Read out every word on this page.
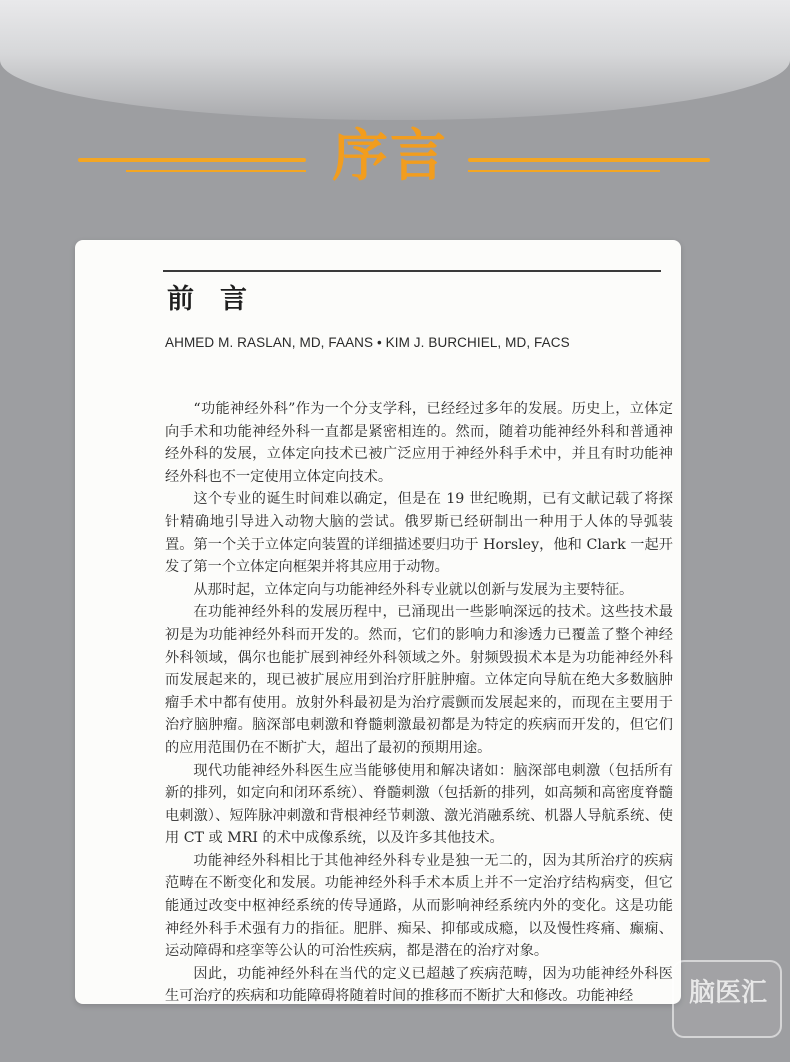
序言
前言
AHMED M. RASLAN, MD, FAANS • KIM J. BURCHIEL, MD, FACS

“功能神经外科”作为一个分支学科，已经经过多年的发展。历史上，立体定向手术和功能神经外科一直都是紧密相连的。然而，随着功能神经外科和普通神经外科的发展，立体定向技术已被广泛应用于神经外科手术中，并且有时功能神经外科也不一定使用立体定向技术。

这个专业的诞生时间难以确定，但是在 19 世纪晚期，已有文献记载了将探针精确地引导进入动物大脑的尝试。俄罗斯已经研制出一种用于人体的导弧装置。第一个关于立体定向装置的详细描述要归功于 Horsley，他和 Clark 一起开发了第一个立体定向框架并将其应用于动物。

从那时起，立体定向与功能神经外科专业就以创新与发展为主要特征。

在功能神经外科的发展历程中，已涌现出一些影响深远的技术。这些技术最初是为功能神经外科而开发的。然而，它们的影响力和渗透力已覆盖了整个神经外科领域，偶尔也能扩展到神经外科领域之外。射频毁损术本是为功能神经外科而发展起来的，现已被扩展应用到治疗肝脏肿瘤。立体定向导航在绝大多数脑肿瘤手术中都有使用。放射外科最初是为治疗震颤而发展起来的，而现在主要用于治疗脑肿瘤。脑深部电刺激和脊髓刺激最初都是为特定的疾病而开发的，但它们的应用范围仍在不断扩大，超出了最初的预期用途。

现代功能神经外科医生应当能够使用和解决诸如：脑深部电刺激（包括所有新的排列，如定向和闭环系统）、脊髓刺激（包括新的排列，如高频和高密度脊髓电刺激）、短阵脉冲刺激和背根神经节刺激、激光消融系统、机器人导航系统、使用 CT 或 MRI 的术中成像系统，以及许多其他技术。

功能神经外科相比于其他神经外科专业是独一无二的，因为其所治疗的疾病范畴在不断变化和发展。功能神经外科手术本质上并不一定治疗结构病变，但它能通过改变中枢神经系统的传导通路，从而影响神经系统内外的变化。这是功能神经外科手术强有力的指征。肥胖、痴呆、抑郁或成瘾，以及慢性疼痛、癫痫、运动障碍和痉挛等公认的可治性疾病，都是潜在的治疗对象。

因此，功能神经外科在当代的定义已超越了疾病范畴，因为功能神经外科医生可治疗的疾病和功能障碍将随着时间的推移而不断扩大和修改。功能神经	脑医汇
